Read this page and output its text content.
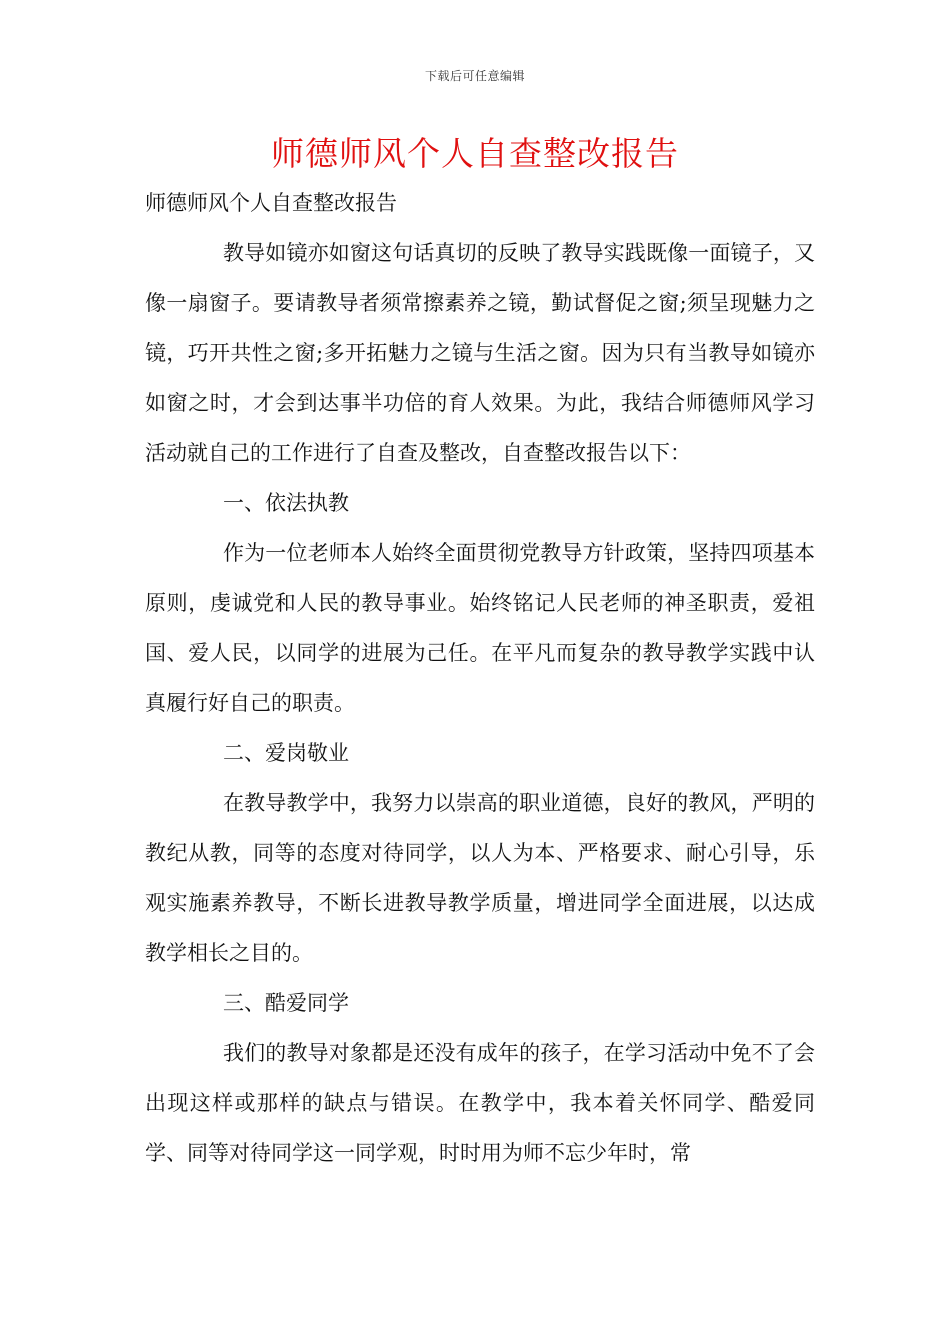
下载后可任意编辑
师德师风个人自查整改报告

师德师风个人自查整改报告

教导如镜亦如窗这句话真切的反映了教导实践既像一面镜子，又像一扇窗子。要请教导者须常擦素养之镜，勤试督促之窗;须呈现魅力之镜，巧开共性之窗;多开拓魅力之镜与生活之窗。因为只有当教导如镜亦如窗之时，才会到达事半功倍的育人效果。为此，我结合师德师风学习活动就自己的工作进行了自查及整改，自查整改报告以下：

一、依法执教

作为一位老师本人始终全面贯彻党教导方针政策，坚持四项基本原则，虔诚党和人民的教导事业。始终铭记人民老师的神圣职责，爱祖国、爱人民，以同学的进展为己任。在平凡而复杂的教导教学实践中认真履行好自己的职责。

二、爱岗敬业

在教导教学中，我努力以崇高的职业道德，良好的教风，严明的教纪从教，同等的态度对待同学，以人为本、严格要求、耐心引导，乐观实施素养教导，不断长进教导教学质量，增进同学全面进展，以达成教学相长之目的。

三、酷爱同学

我们的教导对象都是还没有成年的孩子，在学习活动中免不了会出现这样或那样的缺点与错误。在教学中，我本着关怀同学、酷爱同学、同等对待同学这一同学观，时时用为师不忘少年时，常
